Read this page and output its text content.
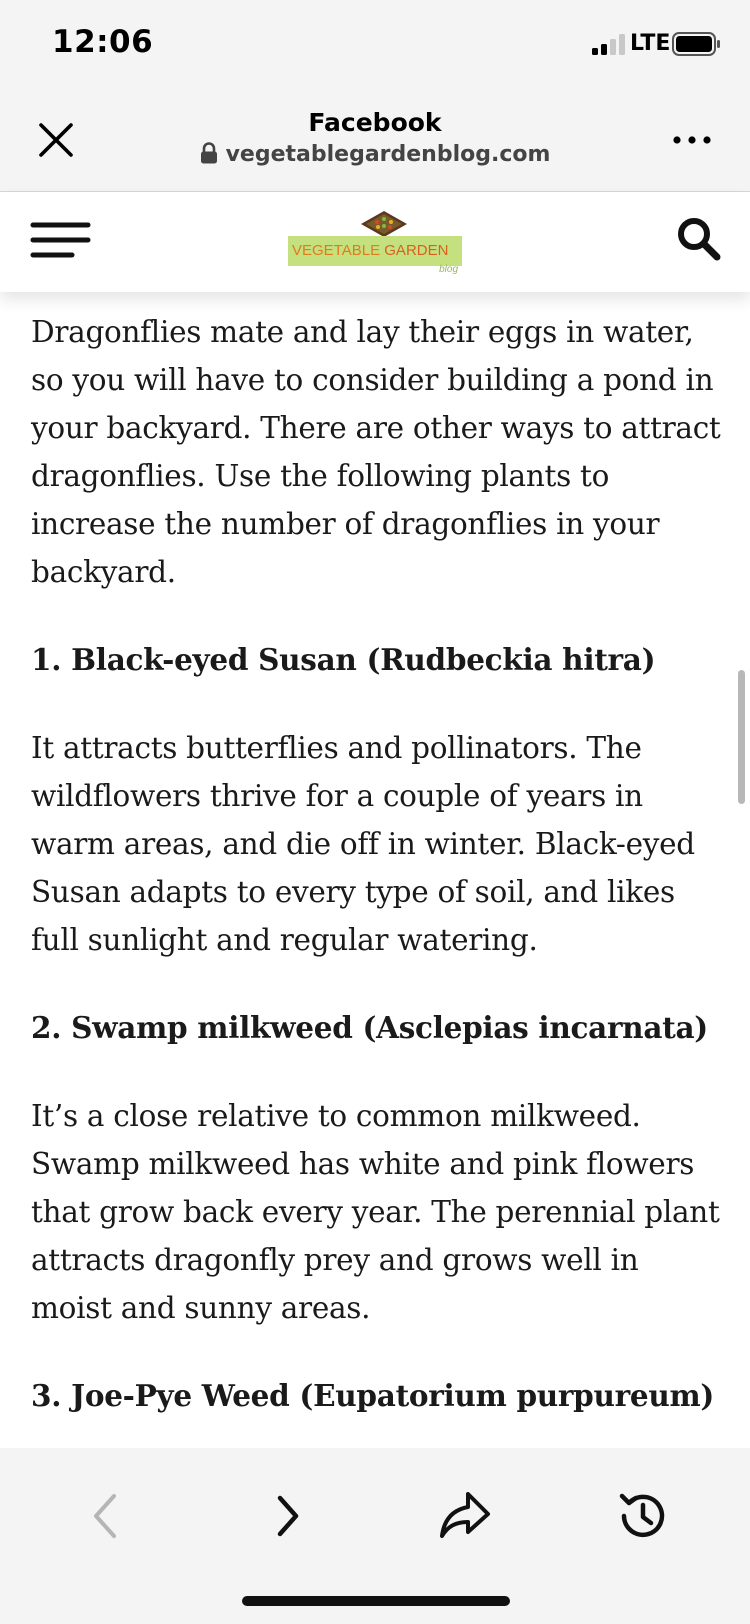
12:06	LTE
Facebook
vegetablegardenblog.com
VEGETABLE GARDEN
blog

Dragonflies mate and lay their eggs in water, so you will have to consider building a pond in your backyard. There are other ways to attract dragonflies. Use the following plants to increase the number of dragonflies in your backyard.

1. Black-eyed Susan (Rudbeckia hitra)

It attracts butterflies and pollinators. The wildflowers thrive for a couple of years in warm areas, and die off in winter. Black-eyed Susan adapts to every type of soil, and likes full sunlight and regular watering.

2. Swamp milkweed (Asclepias incarnata)

It’s a close relative to common milkweed. Swamp milkweed has white and pink flowers that grow back every year. The perennial plant attracts dragonfly prey and grows well in moist and sunny areas.

3. Joe-Pye Weed (Eupatorium purpureum)
